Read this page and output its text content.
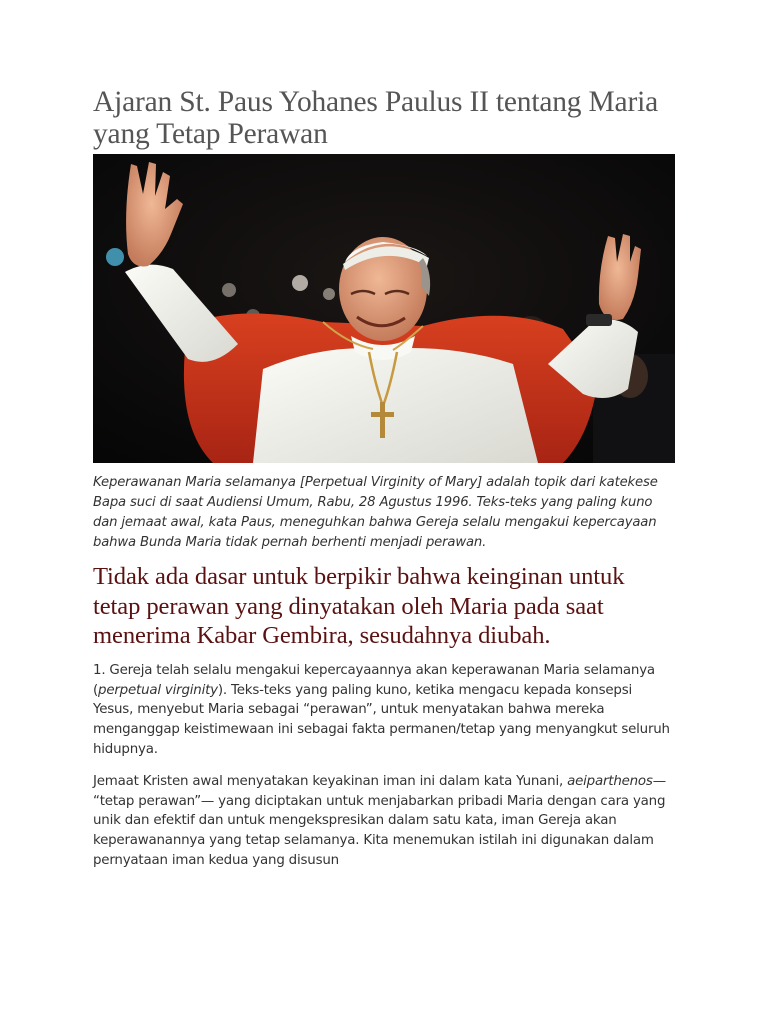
Ajaran St. Paus Yohanes Paulus II tentang Maria yang Tetap Perawan

Keperawanan Maria selamanya [Perpetual Virginity of Mary] adalah topik dari katekese Bapa suci di saat Audiensi Umum, Rabu, 28 Agustus 1996. Teks-teks yang paling kuno dan jemaat awal, kata Paus, meneguhkan bahwa Gereja selalu mengakui kepercayaan bahwa Bunda Maria tidak pernah berhenti menjadi perawan.

Tidak ada dasar untuk berpikir bahwa keinginan untuk tetap perawan yang dinyatakan oleh Maria pada saat menerima Kabar Gembira, sesudahnya diubah.

1. Gereja telah selalu mengakui kepercayaannya akan keperawanan Maria selamanya (perpetual virginity). Teks-teks yang paling kuno, ketika mengacu kepada konsepsi Yesus, menyebut Maria sebagai “perawan”, untuk menyatakan bahwa mereka menganggap keistimewaan ini sebagai fakta permanen/tetap yang menyangkut seluruh hidupnya.

Jemaat Kristen awal menyatakan keyakinan iman ini dalam kata Yunani, aeiparthenos— “tetap perawan”— yang diciptakan untuk menjabarkan pribadi Maria dengan cara yang unik dan efektif dan untuk mengekspresikan dalam satu kata, iman Gereja akan keperawanannya yang tetap selamanya. Kita menemukan istilah ini digunakan dalam pernyataan iman kedua yang disusun
